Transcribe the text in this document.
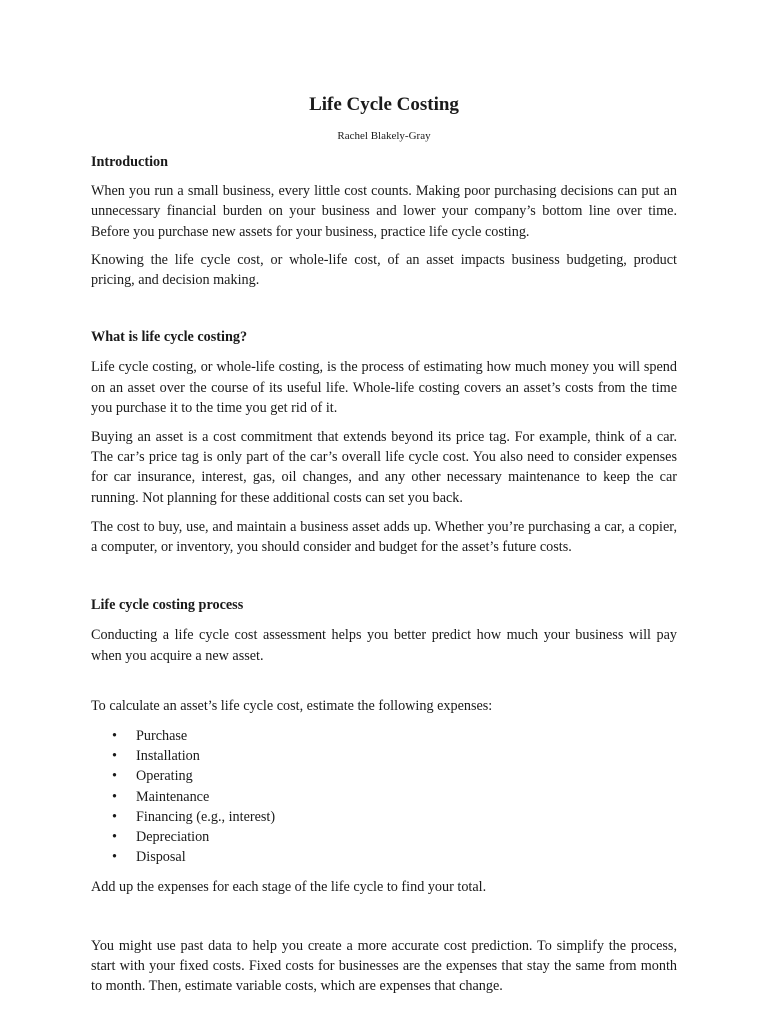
Life Cycle Costing
Rachel Blakely-Gray

Introduction

When you run a small business, every little cost counts. Making poor purchasing decisions can put an unnecessary financial burden on your business and lower your company’s bottom line over time. Before you purchase new assets for your business, practice life cycle costing.

Knowing the life cycle cost, or whole-life cost, of an asset impacts business budgeting, product pricing, and decision making.

What is life cycle costing?

Life cycle costing, or whole-life costing, is the process of estimating how much money you will spend on an asset over the course of its useful life. Whole-life costing covers an asset’s costs from the time you purchase it to the time you get rid of it.

Buying an asset is a cost commitment that extends beyond its price tag. For example, think of a car. The car’s price tag is only part of the car’s overall life cycle cost. You also need to consider expenses for car insurance, interest, gas, oil changes, and any other necessary maintenance to keep the car running. Not planning for these additional costs can set you back.

The cost to buy, use, and maintain a business asset adds up. Whether you’re purchasing a car, a copier, a computer, or inventory, you should consider and budget for the asset’s future costs.

Life cycle costing process

Conducting a life cycle cost assessment helps you better predict how much your business will pay when you acquire a new asset.

To calculate an asset’s life cycle cost, estimate the following expenses:

• Purchase
• Installation
• Operating
• Maintenance
• Financing (e.g., interest)
• Depreciation
• Disposal

Add up the expenses for each stage of the life cycle to find your total.

You might use past data to help you create a more accurate cost prediction. To simplify the process, start with your fixed costs. Fixed costs for businesses are the expenses that stay the same from month to month. Then, estimate variable costs, which are expenses that change.
